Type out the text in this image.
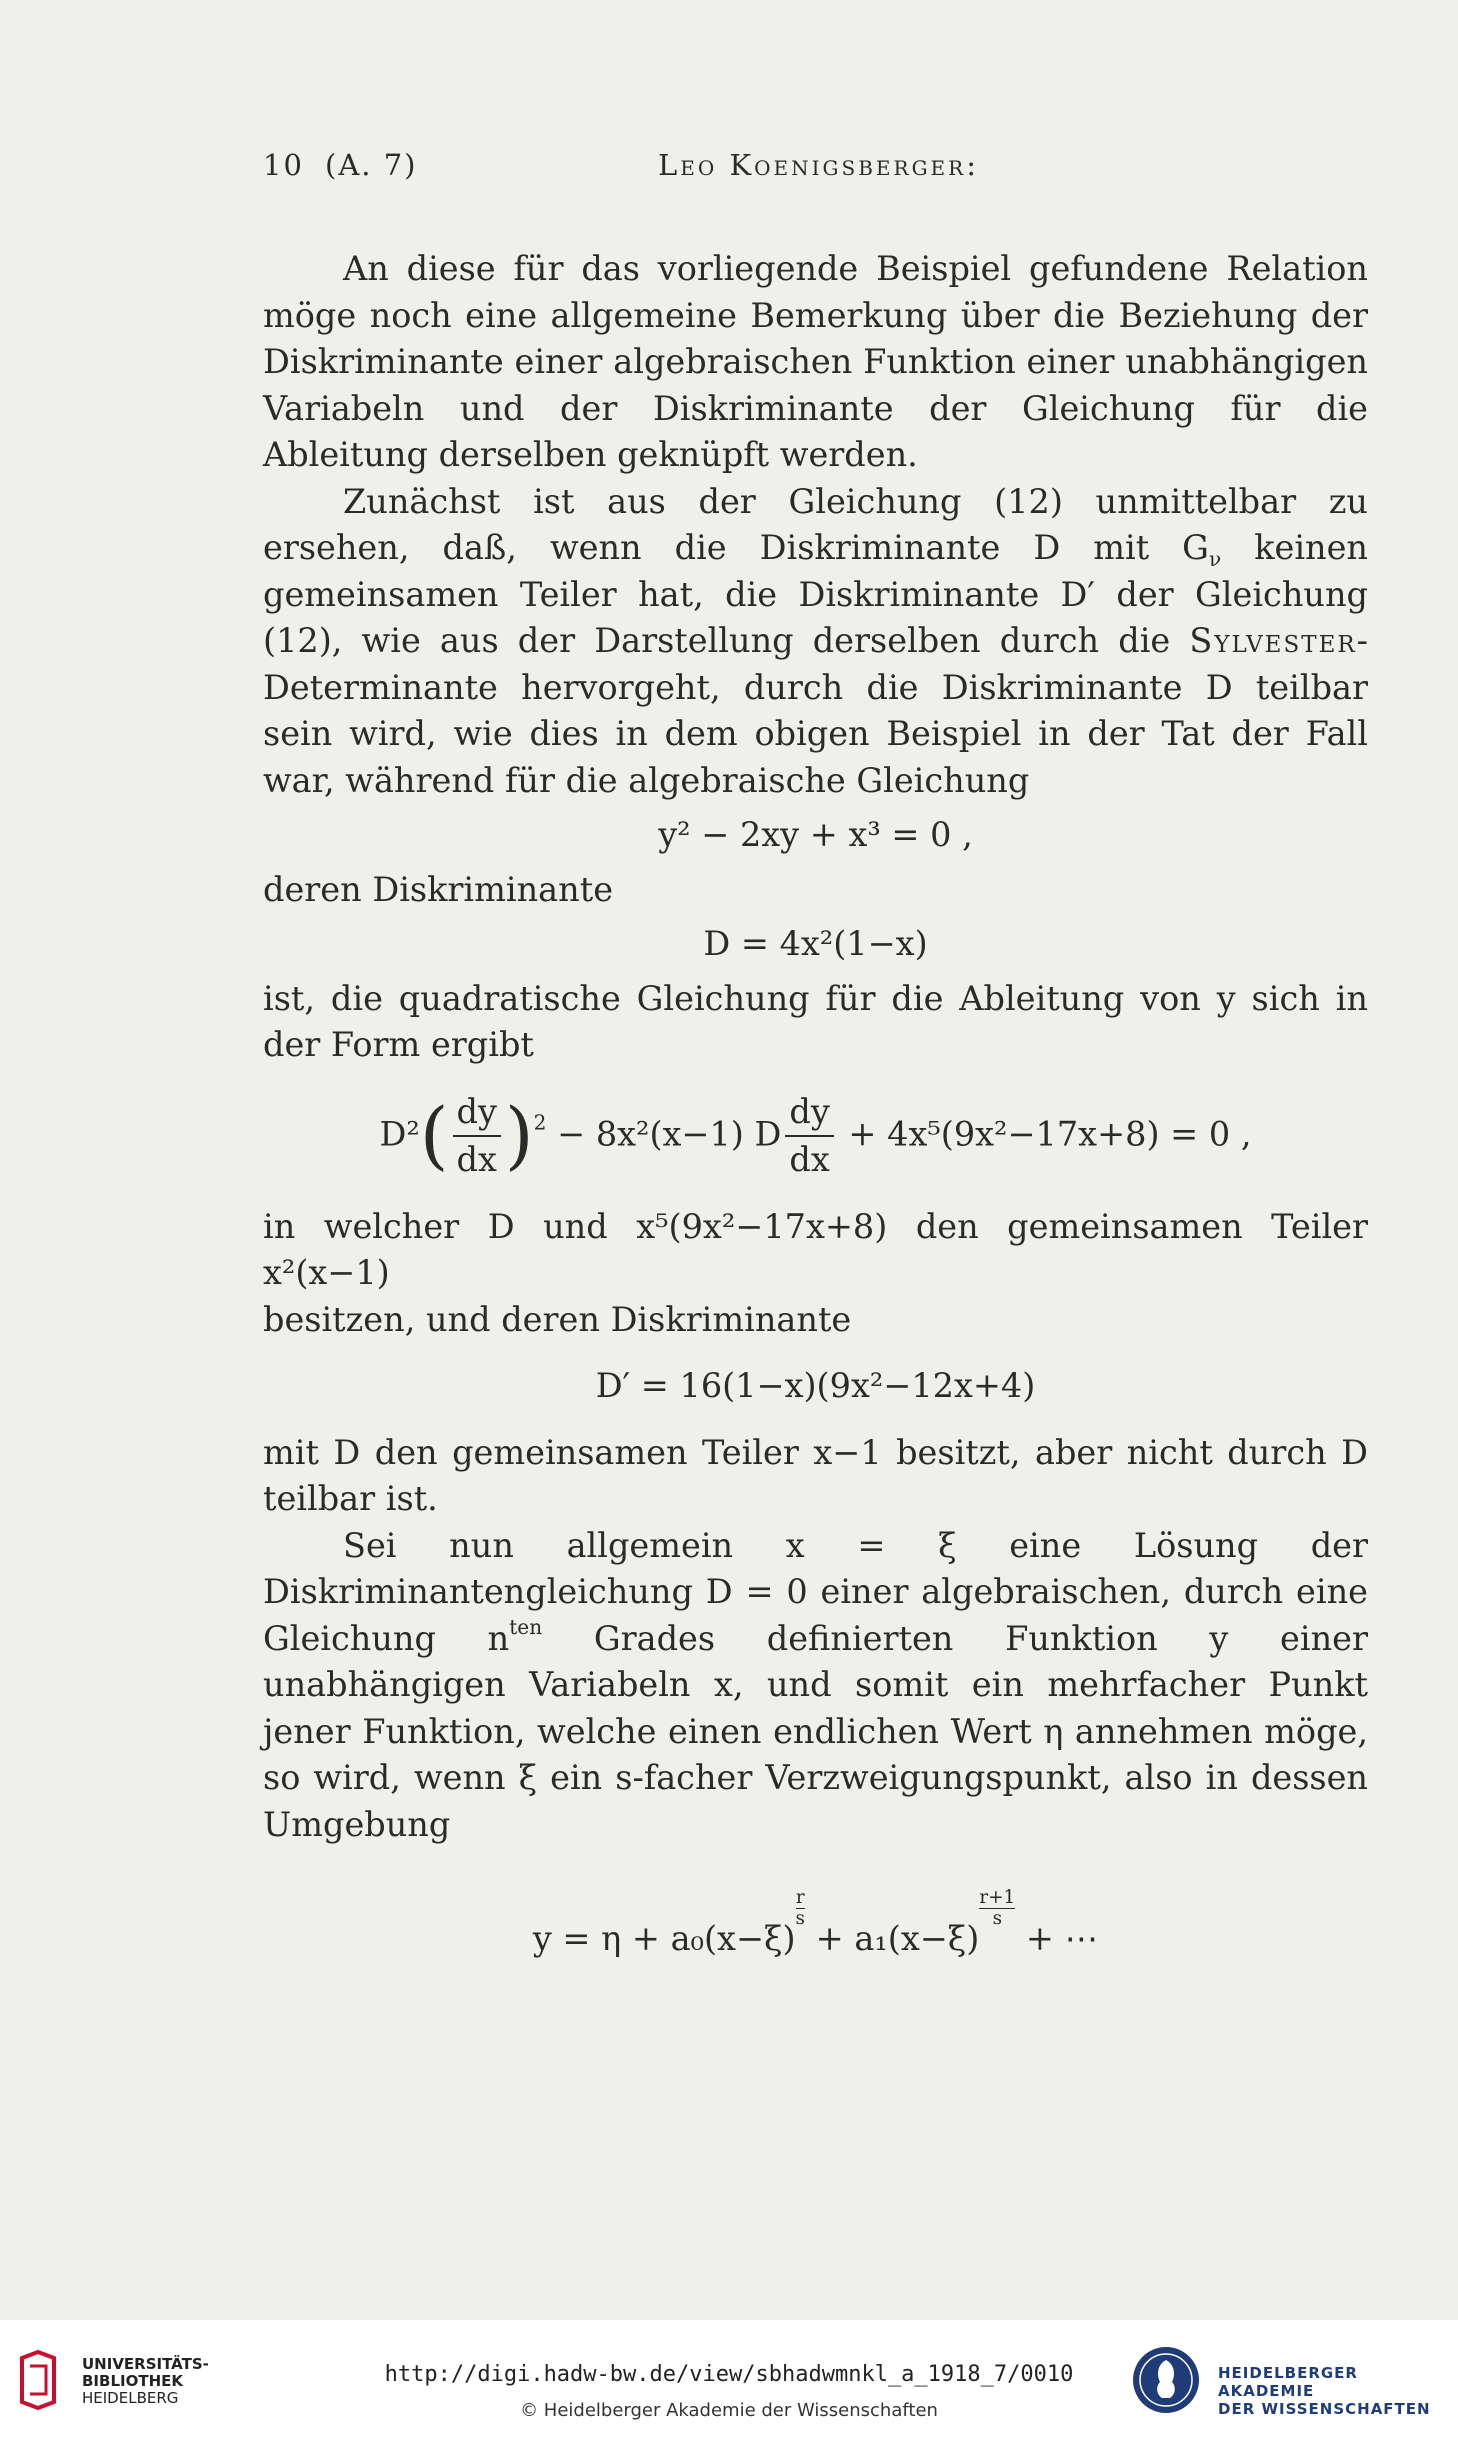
10 (A. 7)	Leo Koenigsberger:

An diese für das vorliegende Beispiel gefundene Relation möge noch eine allgemeine Bemerkung über die Beziehung der Diskriminante einer algebraischen Funktion einer unabhängigen Variabeln und der Diskriminante der Gleichung für die Ableitung derselben geknüpft werden.

Zunächst ist aus der Gleichung (12) unmittelbar zu ersehen, daß, wenn die Diskriminante D mit $G_\nu$ keinen gemeinsamen Teiler hat, die Diskriminante D′ der Gleichung (12), wie aus der Darstellung derselben durch die Sylvester-Determinante hervorgeht, durch die Diskriminante D teilbar sein wird, wie dies in dem obigen Beispiel in der Tat der Fall war, während für die algebraische Gleichung

y² − 2xy + x³ = 0 ,

deren Diskriminante

D = 4x²(1−x)

ist, die quadratische Gleichung für die Ableitung von y sich in der Form ergibt

$D^2( \frac{dy}{dx} )^2 - 8x^2(x-1)$ D $\frac{dy}{dx} + 4x^5(9x^2-17x+8) = 0$ ,

in welcher D und x⁵(9x²−17x+8) den gemeinsamen Teiler x²(x−1)

besitzen, und deren Diskriminante

D′ = 16(1−x)(9x²−12x+4)

mit D den gemeinsamen Teiler x−1 besitzt, aber nicht durch D teilbar ist.

Sei nun allgemein x = ξ eine Lösung der Diskriminantengleichung D = 0 einer algebraischen, durch eine Gleichung $n^{ten}$ Grades definierten Funktion y einer unabhängigen Variabeln x, und somit ein mehrfacher Punkt jener Funktion, welche einen endlichen Wert η annehmen möge, so wird, wenn ξ ein s-facher Verzweigungspunkt, also in dessen Umgebung

$y = \eta + a_0(x-\xi)\frac{r}{s}$
+ $a_1(x-\xi)\frac{r+1}{s}$
+ ⋯
UNIVERSITÄTS-
BIBLIOTHEK
HEIDELBERG
http://digi.hadw-bw.de/view/sbhadwmnkl_a_1918_7/0010
© Heidelberger Akademie der Wissenschaften
HEIDELBERGER AKADEMIE
DER WISSENSCHAFTEN
